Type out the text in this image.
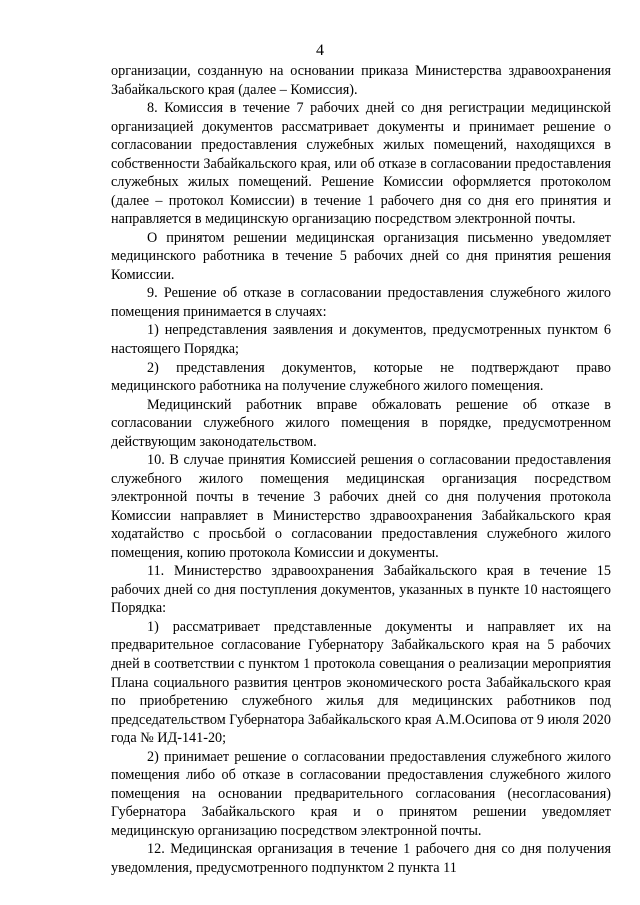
4

организации, созданную на основании приказа Министерства здравоохранения Забайкальского края (далее – Комиссия).

8. Комиссия в течение 7 рабочих дней со дня регистрации медицинской организацией документов рассматривает документы и принимает решение о согласовании предоставления служебных жилых помещений, находящихся в собственности Забайкальского края, или об отказе в согласовании предоставления служебных жилых помещений. Решение Комиссии оформляется протоколом (далее – протокол Комиссии) в течение 1 рабочего дня со дня его принятия и направляется в медицинскую организацию посредством электронной почты.

О принятом решении медицинская организация письменно уведомляет медицинского работника в течение 5 рабочих дней со дня принятия решения Комиссии.

9. Решение об отказе в согласовании предоставления служебного жилого помещения принимается в случаях:

1) непредставления заявления и документов, предусмотренных пунктом 6 настоящего Порядка;

2) представления документов, которые не подтверждают право медицинского работника на получение служебного жилого помещения.

Медицинский работник вправе обжаловать решение об отказе в согласовании служебного жилого помещения в порядке, предусмотренном действующим законодательством.

10. В случае принятия Комиссией решения о согласовании предоставления служебного жилого помещения медицинская организация посредством электронной почты в течение 3 рабочих дней со дня получения протокола Комиссии направляет в Министерство здравоохранения Забайкальского края ходатайство с просьбой о согласовании предоставления служебного жилого помещения, копию протокола Комиссии и документы.

11. Министерство здравоохранения Забайкальского края в течение 15 рабочих дней со дня поступления документов, указанных в пункте 10 настоящего Порядка:

1) рассматривает представленные документы и направляет их на предварительное согласование Губернатору Забайкальского края на 5 рабочих дней в соответствии с пунктом 1 протокола совещания о реализации мероприятия Плана социального развития центров экономического роста Забайкальского края по приобретению служебного жилья для медицинских работников под председательством Губернатора Забайкальского края А.М.Осипова от 9 июля 2020 года № ИД-141-20;

2) принимает решение о согласовании предоставления служебного жилого помещения либо об отказе в согласовании предоставления служебного жилого помещения на основании предварительного согласования (несогласования) Губернатора Забайкальского края и о принятом решении уведомляет медицинскую организацию посредством электронной почты.

12. Медицинская организация в течение 1 рабочего дня со дня получения уведомления, предусмотренного подпунктом 2 пункта 11
